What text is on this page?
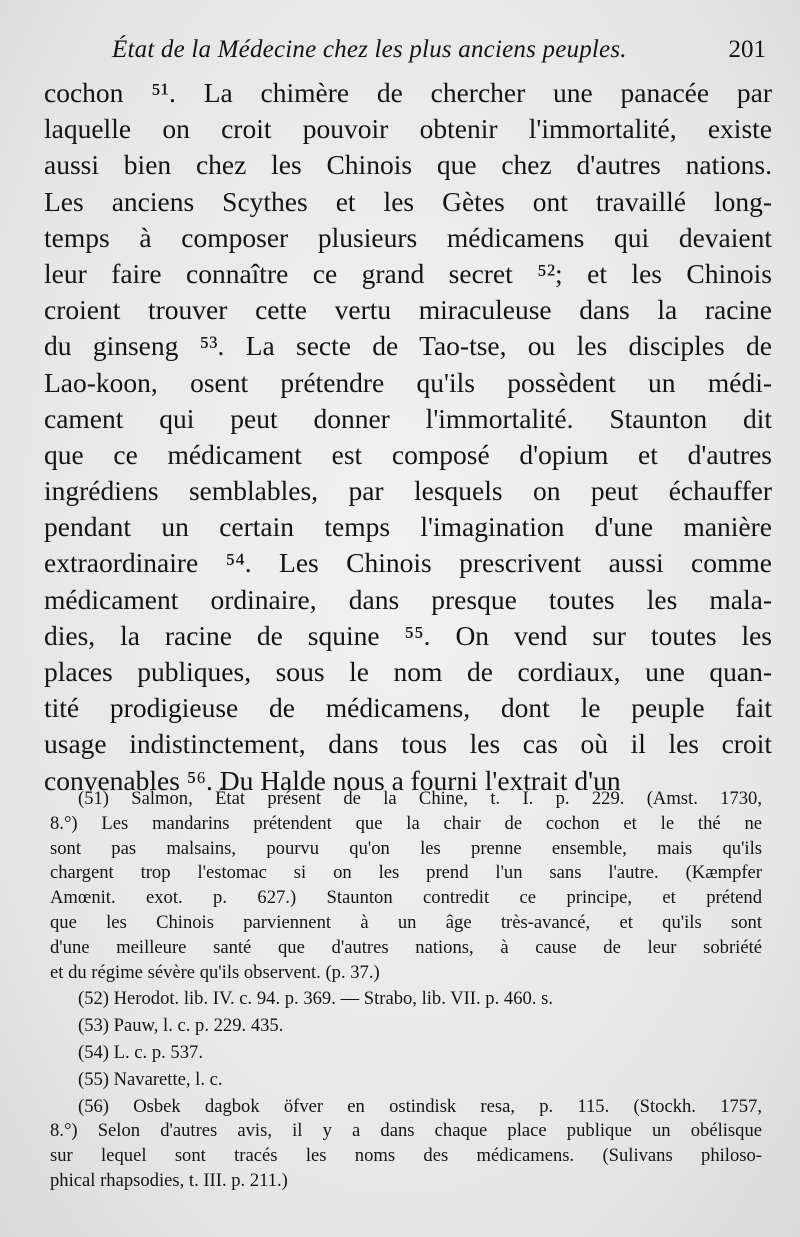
État de la Médecine chez les plus anciens peuples.	201
cochon ⁵¹. La chimère de chercher une panacée par
laquelle on croit pouvoir obtenir l'immortalité, existe
aussi bien chez les Chinois que chez d'autres nations.
Les anciens Scythes et les Gètes ont travaillé long-
temps à composer plusieurs médicamens qui devaient
leur faire connaître ce grand secret ⁵²; et les Chinois
croient trouver cette vertu miraculeuse dans la racine
du ginseng ⁵³. La secte de Tao-tse, ou les disciples de
Lao-koon, osent prétendre qu'ils possèdent un médi-
cament qui peut donner l'immortalité. Staunton dit
que ce médicament est composé d'opium et d'autres
ingrédiens semblables, par lesquels on peut échauffer
pendant un certain temps l'imagination d'une manière
extraordinaire ⁵⁴. Les Chinois prescrivent aussi comme
médicament ordinaire, dans presque toutes les mala-
dies, la racine de squine ⁵⁵. On vend sur toutes les
places publiques, sous le nom de cordiaux, une quan-
tité prodigieuse de médicamens, dont le peuple fait
usage indistinctement, dans tous les cas où il les croit
convenables ⁵⁶. Du Halde nous a fourni l'extrait d'un
(51) Salmon, État présent de la Chine, t. I. p. 229. (Amst. 1730,
8.°) Les mandarins prétendent que la chair de cochon et le thé ne
sont pas malsains, pourvu qu'on les prenne ensemble, mais qu'ils
chargent trop l'estomac si on les prend l'un sans l'autre. (Kæmpfer
Amœnit. exot. p. 627.) Staunton contredit ce principe, et prétend
que les Chinois parviennent à un âge très-avancé, et qu'ils sont
d'une meilleure santé que d'autres nations, à cause de leur sobriété
et du régime sévère qu'ils observent. (p. 37.)
(52) Herodot. lib. IV. c. 94. p. 369. — Strabo, lib. VII. p. 460. s.
(53) Pauw, l. c. p. 229. 435.
(54) L. c. p. 537.
(55) Navarette, l. c.
(56) Osbek dagbok öfver en ostindisk resa, p. 115. (Stockh. 1757,
8.°) Selon d'autres avis, il y a dans chaque place publique un obélisque
sur lequel sont tracés les noms des médicamens. (Sulivans philoso-
phical rhapsodies, t. III. p. 211.)
